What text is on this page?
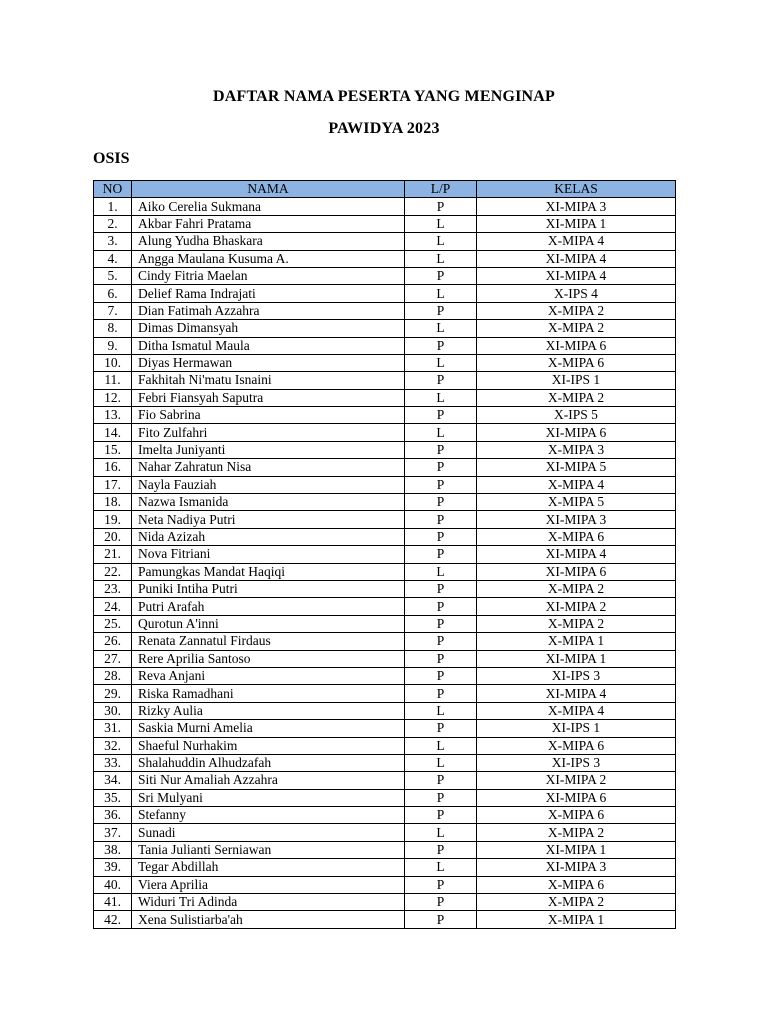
DAFTAR NAMA PESERTA YANG MENGINAP
PAWIDYA 2023
OSIS
NO	NAMA	L/P	KELAS
1.	Aiko Cerelia Sukmana	P	XI-MIPA 3
2.	Akbar Fahri Pratama	L	XI-MIPA 1
3.	Alung Yudha Bhaskara	L	X-MIPA 4
4.	Angga Maulana Kusuma A.	L	XI-MIPA 4
5.	Cindy Fitria Maelan	P	XI-MIPA 4
6.	Delief Rama Indrajati	L	X-IPS 4
7.	Dian Fatimah Azzahra	P	X-MIPA 2
8.	Dimas Dimansyah	L	X-MIPA 2
9.	Ditha Ismatul Maula	P	XI-MIPA 6
10.	Diyas Hermawan	L	X-MIPA 6
11.	Fakhitah Ni'matu Isnaini	P	XI-IPS 1
12.	Febri Fiansyah Saputra	L	X-MIPA 2
13.	Fio Sabrina	P	X-IPS 5
14.	Fito Zulfahri	L	XI-MIPA 6
15.	Imelta Juniyanti	P	X-MIPA 3
16.	Nahar Zahratun Nisa	P	XI-MIPA 5
17.	Nayla Fauziah	P	X-MIPA 4
18.	Nazwa Ismanida	P	X-MIPA 5
19.	Neta Nadiya Putri	P	XI-MIPA 3
20.	Nida Azizah	P	X-MIPA 6
21.	Nova Fitriani	P	XI-MIPA 4
22.	Pamungkas Mandat Haqiqi	L	XI-MIPA 6
23.	Puniki Intiha Putri	P	X-MIPA 2
24.	Putri Arafah	P	XI-MIPA 2
25.	Qurotun A'inni	P	X-MIPA 2
26.	Renata Zannatul Firdaus	P	X-MIPA 1
27.	Rere Aprilia Santoso	P	XI-MIPA 1
28.	Reva Anjani	P	XI-IPS 3
29.	Riska Ramadhani	P	XI-MIPA 4
30.	Rizky Aulia	L	X-MIPA 4
31.	Saskia Murni Amelia	P	XI-IPS 1
32.	Shaeful Nurhakim	L	X-MIPA 6
33.	Shalahuddin Alhudzafah	L	XI-IPS 3
34.	Siti Nur Amaliah Azzahra	P	XI-MIPA 2
35.	Sri Mulyani	P	XI-MIPA 6
36.	Stefanny	P	X-MIPA 6
37.	Sunadi	L	X-MIPA 2
38.	Tania Julianti Serniawan	P	XI-MIPA 1
39.	Tegar Abdillah	L	XI-MIPA 3
40.	Viera Aprilia	P	X-MIPA 6
41.	Widuri Tri Adinda	P	X-MIPA 2
42.	Xena Sulistiarba'ah	P	X-MIPA 1
